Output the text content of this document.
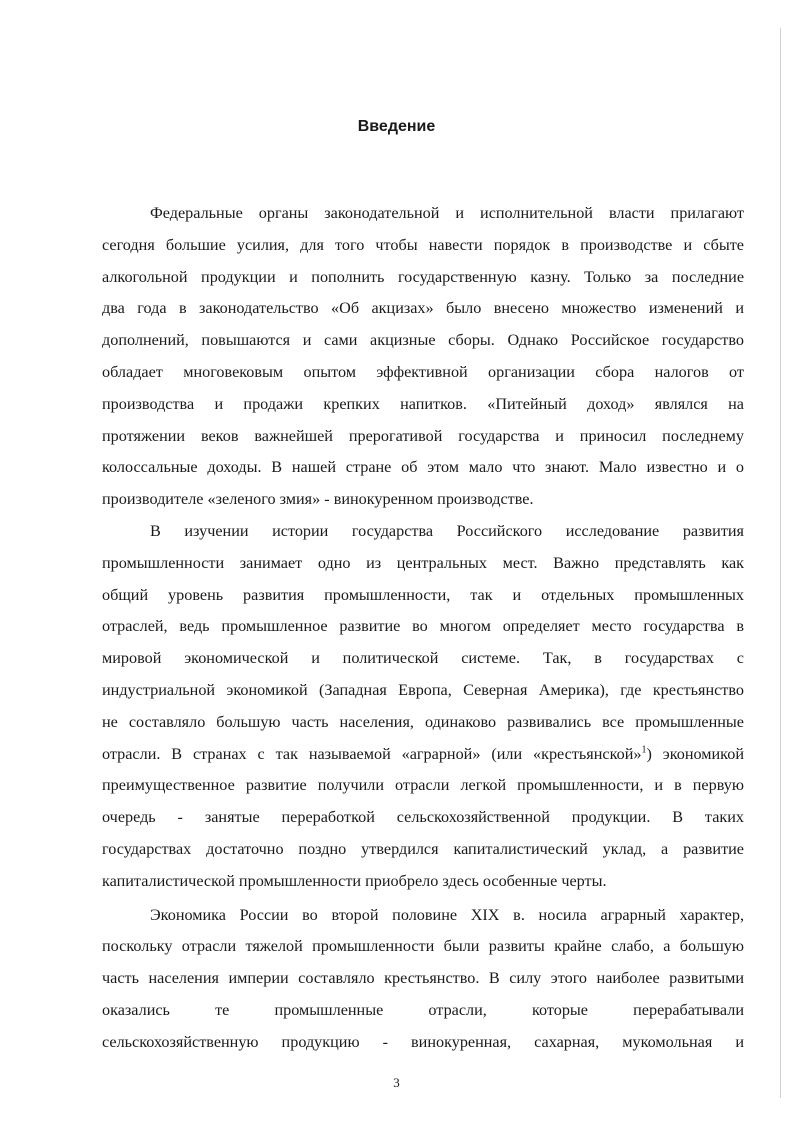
Введение
Федеральные органы законодательной и исполнительной власти прилагают
сегодня большие усилия, для того чтобы навести порядок в производстве и сбыте
алкогольной продукции и пополнить государственную казну. Только за последние
два года в законодательство «Об акцизах» было внесено множество изменений и
дополнений, повышаются и сами акцизные сборы. Однако Российское государство
обладает многовековым опытом эффективной организации сбора налогов от
производства и продажи крепких напитков. «Питейный доход» являлся на
протяжении веков важнейшей прерогативой государства и приносил последнему
колоссальные доходы. В нашей стране об этом мало что знают. Мало известно и о
производителе «зеленого змия» - винокуренном производстве.
В изучении истории государства Российского исследование развития
промышленности занимает одно из центральных мест. Важно представлять как
общий уровень развития промышленности, так и отдельных промышленных
отраслей, ведь промышленное развитие во многом определяет место государства в
мировой экономической и политической системе. Так, в государствах с
индустриальной экономикой (Западная Европа, Северная Америка), где крестьянство
не составляло большую часть населения, одинаково развивались все промышленные
отрасли. В странах с так называемой «аграрной» (или «крестьянской»$^1$) экономикой
преимущественное развитие получили отрасли легкой промышленности, и в первую
очередь - занятые переработкой сельскохозяйственной продукции. В таких
государствах достаточно поздно утвердился капиталистический уклад, а развитие
капиталистической промышленности приобрело здесь особенные черты.
Экономика России во второй половине XIX в. носила аграрный характер,
поскольку отрасли тяжелой промышленности были развиты крайне слабо, а большую
часть населения империи составляло крестьянство. В силу этого наиболее развитыми
оказались те промышленные отрасли, которые перерабатывали
сельскохозяйственную продукцию - винокуренная, сахарная, мукомольная и
3
